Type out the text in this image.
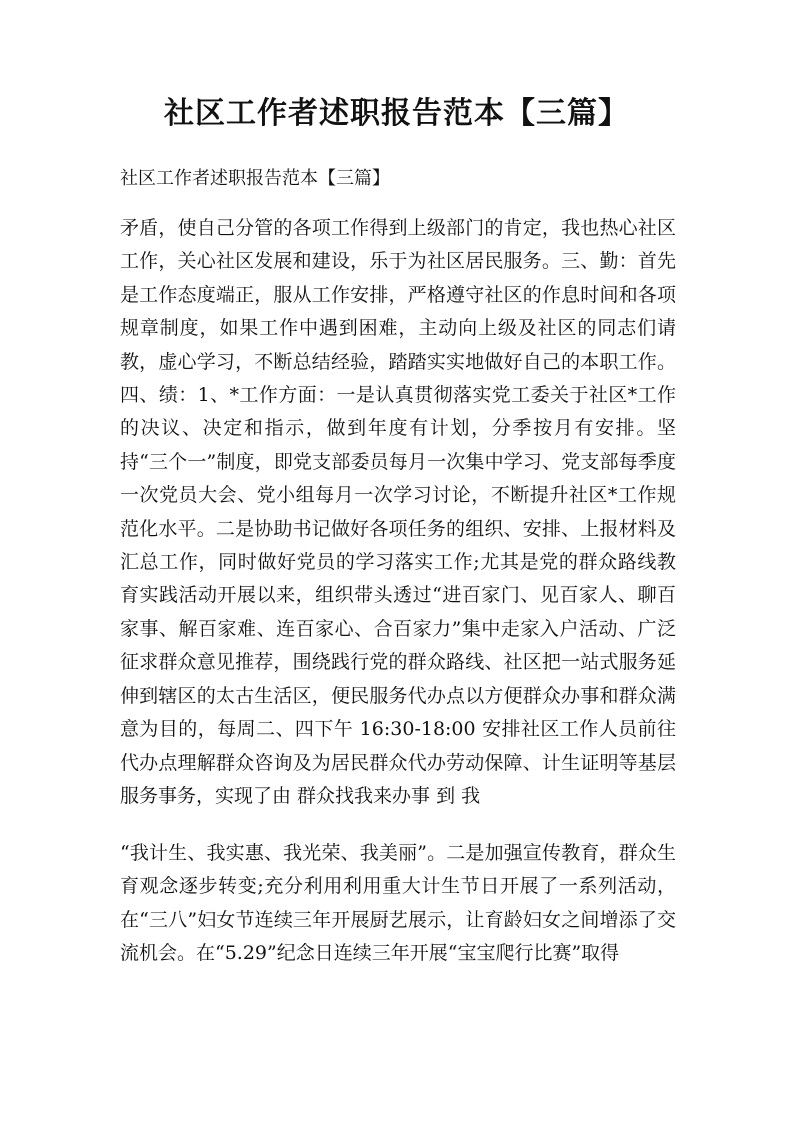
社区工作者述职报告范本【三篇】

社区工作者述职报告范本【三篇】

矛盾，使自己分管的各项工作得到上级部门的肯定，我也热心社区工作，关心社区发展和建设，乐于为社区居民服务。三、勤：首先是工作态度端正，服从工作安排，严格遵守社区的作息时间和各项规章制度，如果工作中遇到困难，主动向上级及社区的同志们请教，虚心学习，不断总结经验，踏踏实实地做好自己的本职工作。四、绩：1、*工作方面：一是认真贯彻落实党工委关于社区*工作的决议、决定和指示，做到年度有计划，分季按月有安排。坚持“三个一”制度，即党支部委员每月一次集中学习、党支部每季度一次党员大会、党小组每月一次学习讨论，不断提升社区*工作规范化水平。二是协助书记做好各项任务的组织、安排、上报材料及汇总工作，同时做好党员的学习落实工作;尤其是党的群众路线教育实践活动开展以来，组织带头透过“进百家门、见百家人、聊百家事、解百家难、连百家心、合百家力”集中走家入户活动、广泛征求群众意见推荐，围绕践行党的群众路线、社区把一站式服务延伸到辖区的太古生活区，便民服务代办点以方便群众办事和群众满意为目的，每周二、四下午 16:30-18:00 安排社区工作人员前往代办点理解群众咨询及为居民群众代办劳动保障、计生证明等基层服务事务，实现了由 群众找我来办事 到 我

“我计生、我实惠、我光荣、我美丽”。二是加强宣传教育，群众生育观念逐步转变;充分利用利用重大计生节日开展了一系列活动，在“三八”妇女节连续三年开展厨艺展示，让育龄妇女之间增添了交流机会。在“5.29”纪念日连续三年开展“宝宝爬行比赛”取得
